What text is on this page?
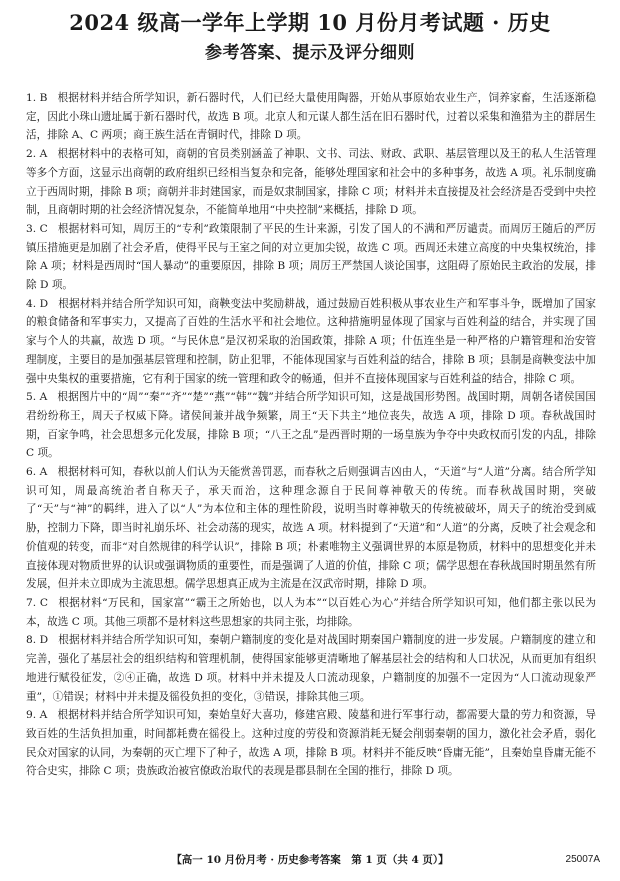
2024 级高一学年上学期 10 月份月考试题 · 历史
参考答案、提示及评分细则

1. B 根据材料并结合所学知识，新石器时代，人们已经大量使用陶器，开始从事原始农业生产，饲养家畜，生活逐渐稳定，因此小珠山遗址属于新石器时代，故选 B 项。北京人和元谋人都生活在旧石器时代，过着以采集和渔猎为主的群居生活，排除 A、C 两项；商王族生活在青铜时代，排除 D 项。

2. A 根据材料中的表格可知，商朝的官员类别涵盖了神职、文书、司法、财政、武职、基层管理以及王的私人生活管理等多个方面，这显示出商朝的政府组织已经相当复杂和完备，能够处理国家和社会中的多种事务，故选 A 项。礼乐制度确立于西周时期，排除 B 项；商朝并非封建国家，而是奴隶制国家，排除 C 项；材料并未直接提及社会经济是否受到中央控制，且商朝时期的社会经济情况复杂，不能简单地用“中央控制”来概括，排除 D 项。

3. C 根据材料可知，周厉王的“专利”政策限制了平民的生计来源，引发了国人的不满和严厉谴责。而周厉王随后的严厉镇压措施更是加剧了社会矛盾，使得平民与王室之间的对立更加尖锐，故选 C 项。西周还未建立高度的中央集权统治，排除 A 项；材料是西周时“国人暴动”的重要原因，排除 B 项；周厉王严禁国人谈论国事，这阻碍了原始民主政治的发展，排除 D 项。

4. D 根据材料并结合所学知识可知，商鞅变法中奖励耕战，通过鼓励百姓积极从事农业生产和军事斗争，既增加了国家的粮食储备和军事实力，又提高了百姓的生活水平和社会地位。这种措施明显体现了国家与百姓利益的结合，并实现了国家与个人的共赢，故选 D 项。“与民休息”是汉初采取的治国政策，排除 A 项；什伍连坐是一种严格的户籍管理和治安管理制度，主要目的是加强基层管理和控制，防止犯罪，不能体现国家与百姓利益的结合，排除 B 项；县制是商鞅变法中加强中央集权的重要措施，它有利于国家的统一管理和政令的畅通，但并不直接体现国家与百姓利益的结合，排除 C 项。

5. A 根据图片中的“周”“秦”“齐”“楚”“燕”“韩”“魏”并结合所学知识可知，这是战国形势图。战国时期，周朝各诸侯国国君纷纷称王，周天子权威下降。诸侯间兼并战争频繁，周王“天下共主”地位丧失，故选 A 项，排除 D 项。春秋战国时期，百家争鸣，社会思想多元化发展，排除 B 项；“八王之乱”是西晋时期的一场皇族为争夺中央政权而引发的内乱，排除 C 项。

6. A 根据材料可知，春秋以前人们认为天能赏善罚恶，而春秋之后则强调吉凶由人，“天道”与“人道”分离。结合所学知识可知，周最高统治者自称天子，承天而治，这种理念源自于民间尊神敬天的传统。而春秋战国时期，突破了“天”与“神”的羁绊，进入了以“人”为本位和主体的理性阶段，说明当时尊神敬天的传统被破坏，周天子的统治受到威胁，控制力下降，即当时礼崩乐坏、社会动荡的现实，故选 A 项。材料提到了“天道”和“人道”的分离，反映了社会观念和价值观的转变，而非“对自然规律的科学认识”，排除 B 项；朴素唯物主义强调世界的本原是物质，材料中的思想变化并未直接体现对物质世界的认识或强调物质的重要性，而是强调了人道的价值，排除 C 项；儒学思想在春秋战国时期虽然有所发展，但并未立即成为主流思想。儒学思想真正成为主流是在汉武帝时期，排除 D 项。

7. C 根据材料“万民和，国家富”“霸王之所始也，以人为本”“以百姓心为心”并结合所学知识可知，他们都主张以民为本，故选 C 项。其他三项都不是材料这些思想家的共同主张，均排除。

8. D 根据材料并结合所学知识可知，秦朝户籍制度的变化是对战国时期秦国户籍制度的进一步发展。户籍制度的建立和完善，强化了基层社会的组织结构和管理机制，使得国家能够更清晰地了解基层社会的结构和人口状况，从而更加有组织地进行赋役征发，②④正确，故选 D 项。材料中并未提及人口流动现象，户籍制度的加强不一定因为“人口流动现象严重”，①错误；材料中并未提及徭役负担的变化，③错误，排除其他三项。

9. A 根据材料并结合所学知识可知，秦始皇好大喜功，修建宫殿、陵墓和进行军事行动，都需要大量的劳力和资源，导致百姓的生活负担加重，时间都耗费在徭役上。这种过度的劳役和资源消耗无疑会削弱秦朝的国力，激化社会矛盾，弱化民众对国家的认同，为秦朝的灭亡埋下了种子，故选 A 项，排除 B 项。材料并不能反映“昏庸无能”，且秦始皇昏庸无能不符合史实，排除 C 项；贵族政治被官僚政治取代的表现是郡县制在全国的推行，排除 D 项。

【高一 10 月份月考 · 历史参考答案　第 1 页（共 4 页）】	25007A
